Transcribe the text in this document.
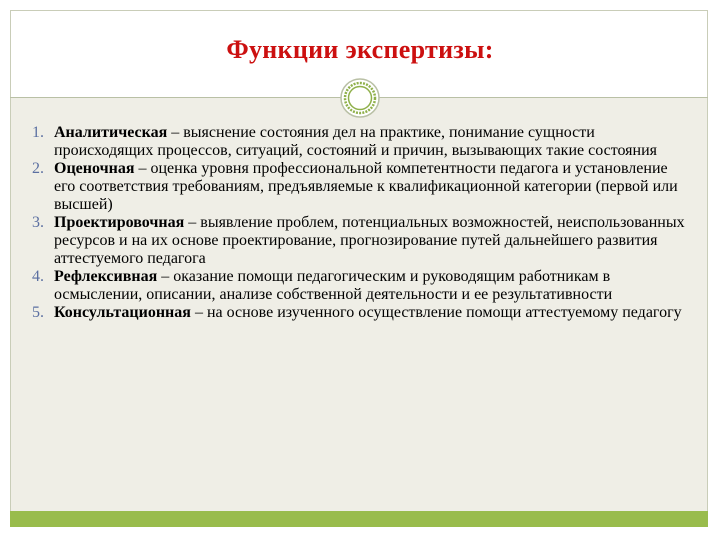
Функции экспертизы:
1. Аналитическая – выяснение состояния дел на практике, понимание сущности происходящих процессов, ситуаций, состояний и причин, вызывающих такие состояния
2. Оценочная – оценка уровня профессиональной компетентности педагога и установление его соответствия требованиям, предъявляемые к квалификационной категории (первой или высшей)
3. Проектировочная – выявление проблем, потенциальных возможностей, неиспользованных ресурсов и на их основе проектирование, прогнозирование путей дальнейшего развития аттестуемого педагога
4. Рефлексивная – оказание помощи педагогическим и руководящим работникам в осмыслении, описании, анализе собственной деятельности и ее результативности
5. Консультационная – на основе изученного осуществление помощи аттестуемому педагогу
